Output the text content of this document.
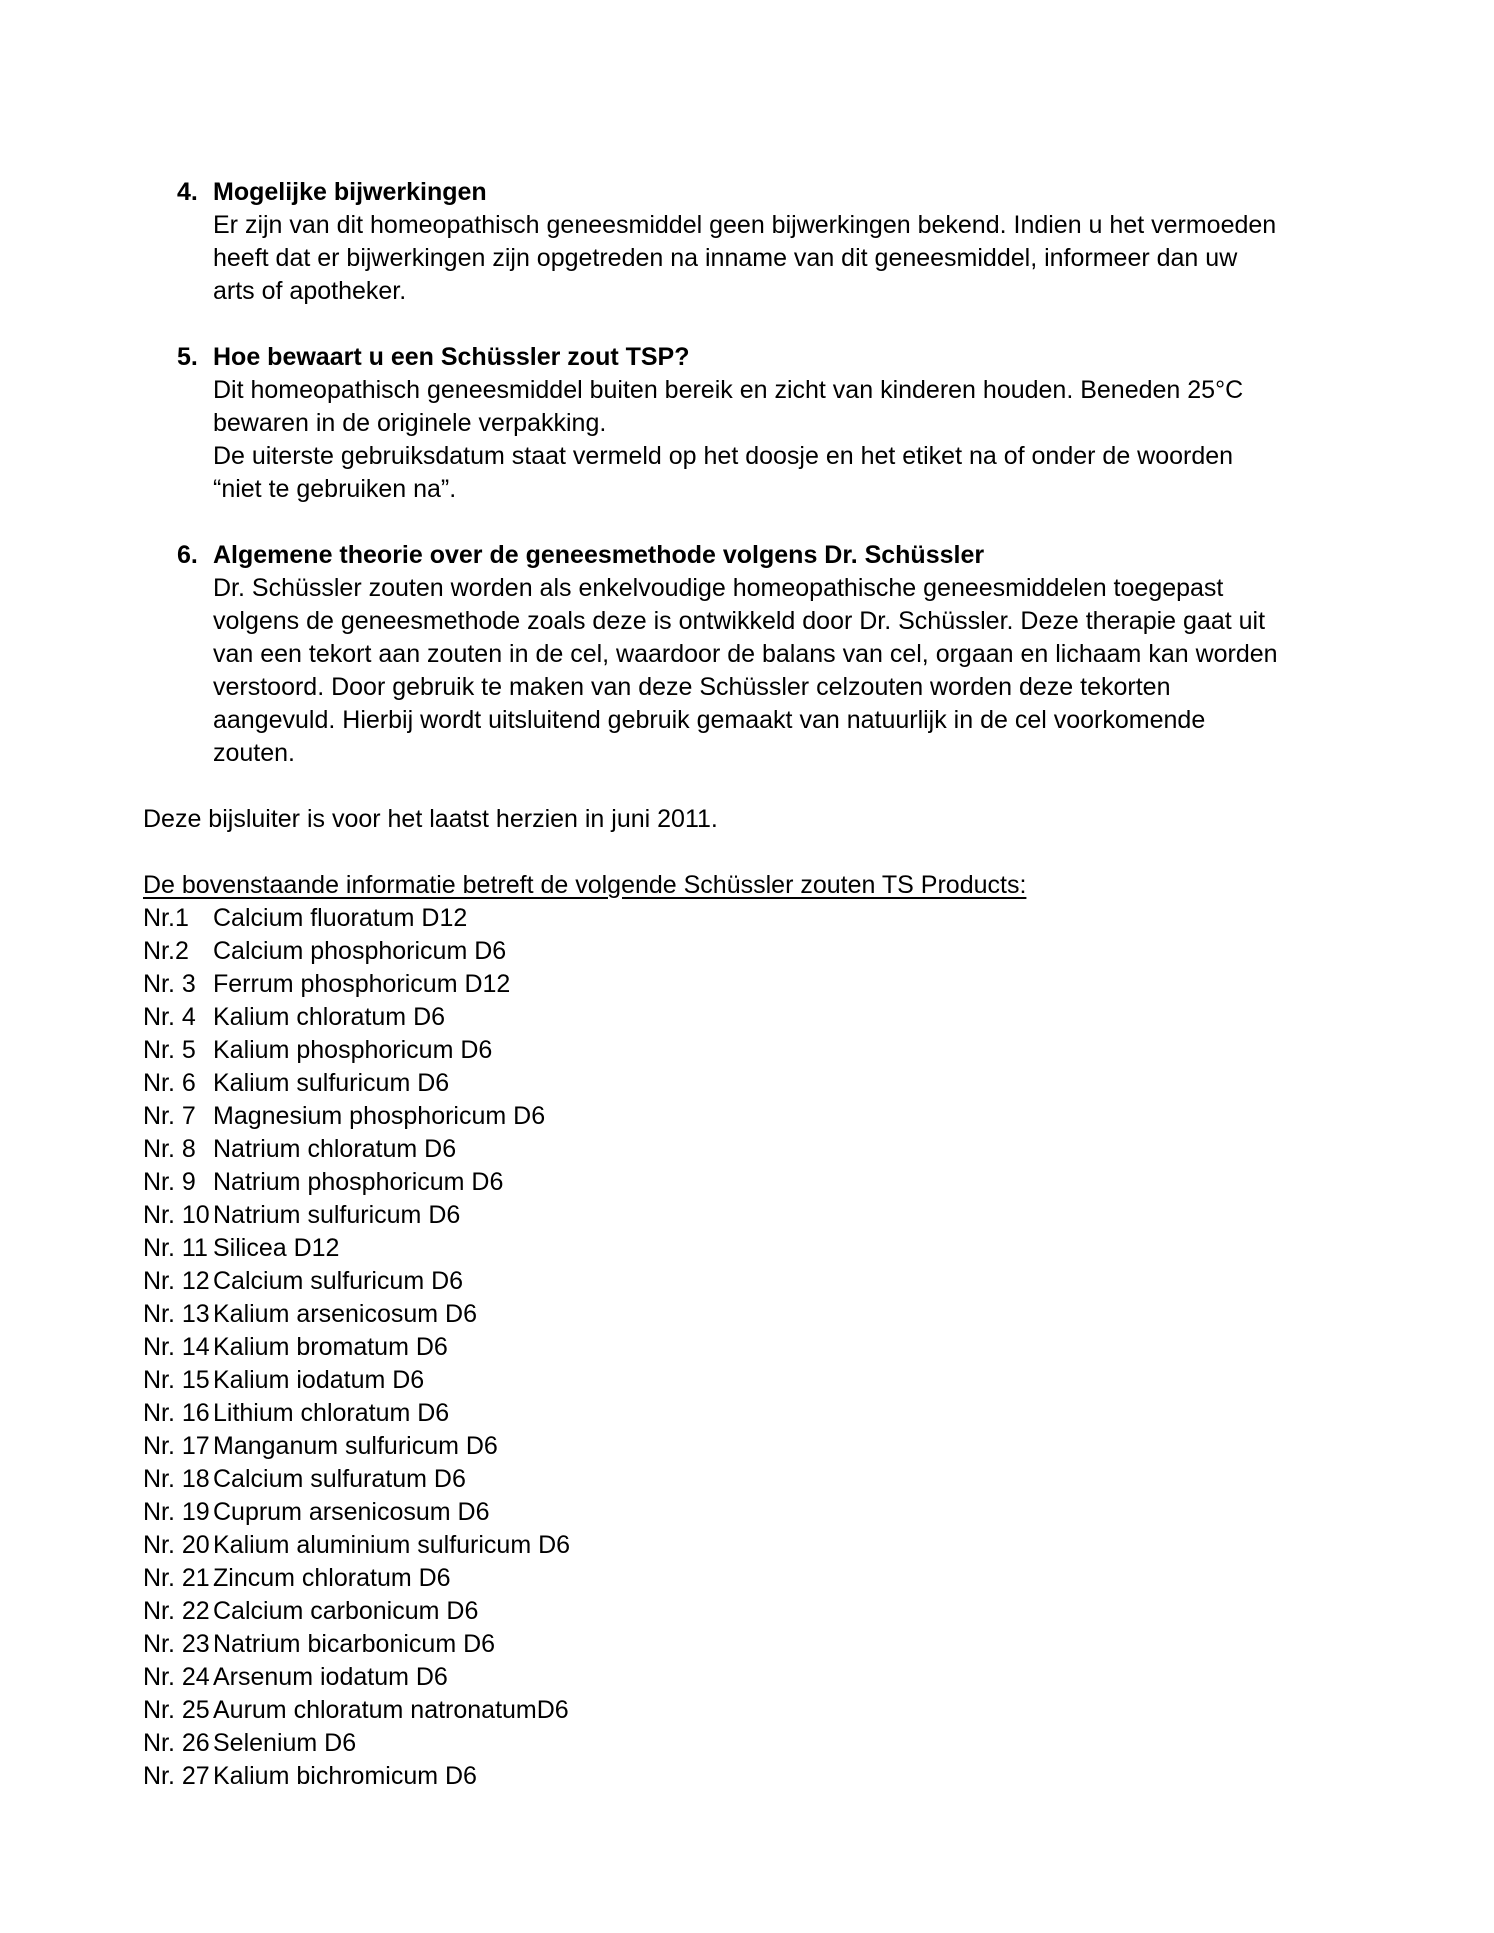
4. Mogelijke bijwerkingen
Er zijn van dit homeopathisch geneesmiddel geen bijwerkingen bekend. Indien u het vermoeden
heeft dat er bijwerkingen zijn opgetreden na inname van dit geneesmiddel, informeer dan uw
arts of apotheker.
5. Hoe bewaart u een Schüssler zout TSP?
Dit homeopathisch geneesmiddel buiten bereik en zicht van kinderen houden. Beneden 25°C
bewaren in de originele verpakking.
De uiterste gebruiksdatum staat vermeld op het doosje en het etiket na of onder de woorden
“niet te gebruiken na”.
6. Algemene theorie over de geneesmethode volgens Dr. Schüssler
Dr. Schüssler zouten worden als enkelvoudige homeopathische geneesmiddelen toegepast
volgens de geneesmethode zoals deze is ontwikkeld door Dr. Schüssler. Deze therapie gaat uit
van een tekort aan zouten in de cel, waardoor de balans van cel, orgaan en lichaam kan worden
verstoord. Door gebruik te maken van deze Schüssler celzouten worden deze tekorten
aangevuld. Hierbij wordt uitsluitend gebruik gemaakt van natuurlijk in de cel voorkomende
zouten.
Deze bijsluiter is voor het laatst herzien in juni 2011.
De bovenstaande informatie betreft de volgende Schüssler zouten TS Products:
Nr.1 Calcium fluoratum D12
Nr.2 Calcium phosphoricum D6
Nr. 3 Ferrum phosphoricum D12
Nr. 4 Kalium chloratum D6
Nr. 5 Kalium phosphoricum D6
Nr. 6 Kalium sulfuricum D6
Nr. 7 Magnesium phosphoricum D6
Nr. 8 Natrium chloratum D6
Nr. 9 Natrium phosphoricum D6
Nr. 10 Natrium sulfuricum D6
Nr. 11 Silicea D12
Nr. 12 Calcium sulfuricum D6
Nr. 13 Kalium arsenicosum D6
Nr. 14 Kalium bromatum D6
Nr. 15 Kalium iodatum D6
Nr. 16 Lithium chloratum D6
Nr. 17 Manganum sulfuricum D6
Nr. 18 Calcium sulfuratum D6
Nr. 19 Cuprum arsenicosum D6
Nr. 20 Kalium aluminium sulfuricum D6
Nr. 21 Zincum chloratum D6
Nr. 22 Calcium carbonicum D6
Nr. 23 Natrium bicarbonicum D6
Nr. 24 Arsenum iodatum D6
Nr. 25 Aurum chloratum natronatumD6
Nr. 26 Selenium D6
Nr. 27 Kalium bichromicum D6
